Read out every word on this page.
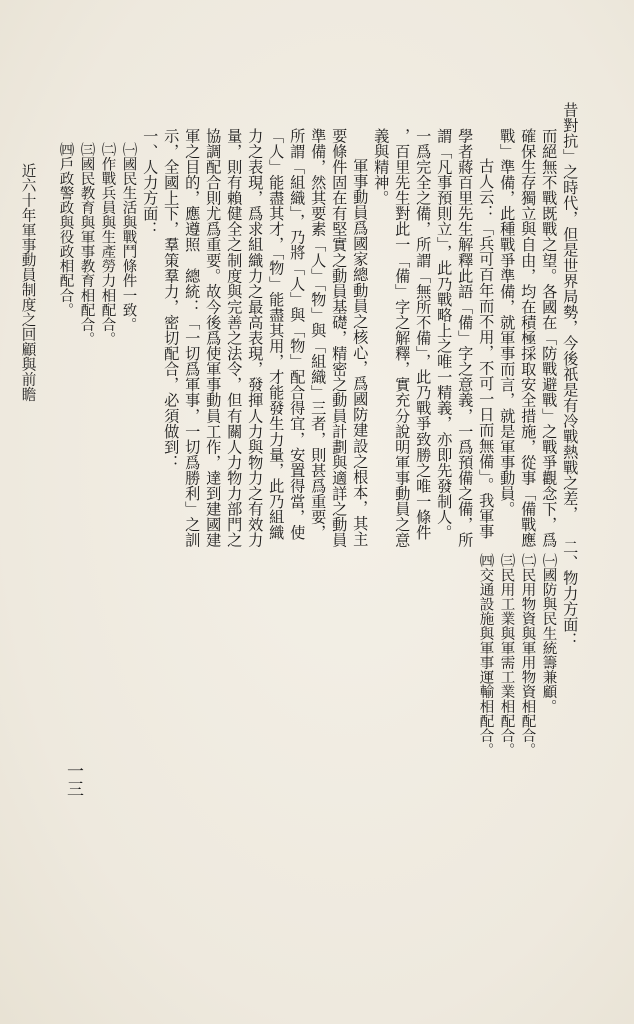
昔對抗」之時代，但是世界局勢，今後祇是有冷戰熱戰之差，
而絕無不戰既戰之望。各國在「防戰避戰」之戰爭觀念下，爲
確保生存獨立與自由，均在積極採取安全措施，從事「備戰應
戰」準備，此種戰爭準備，就軍事而言，就是軍事動員。
古人云：「兵可百年而不用，不可一日而無備」。我軍事
學者蔣百里先生解釋此語「備」字之意義，一爲預備之備，所
謂「凡事預則立」，此乃戰略上之唯一精義，亦即先發制人。
一爲完全之備，所謂「無所不備」，此乃戰爭致勝之唯一條件
，百里先生對此一「備」字之解釋，實充分說明軍事動員之意
義與精神。
軍事動員爲國家總動員之核心，爲國防建設之根本，其主
要條件固在有堅實之動員基礎，精密之動員計劃與適詳之動員
準備，然其要素「人」「物」與「組織」三者，則甚爲重要，
所謂「組織」，乃將「人」與「物」配合得宜，安置得當，使
「人」能盡其才，「物」能盡其用，才能發生力量，此乃組織
力之表現，爲求組織力之最高表現，發揮人力與物力之有效力
量，則有賴健全之制度與完善之法令，但有關人力物力部門之
協調配合則尤爲重要。故今後爲使軍事動員工作，達到建國建
軍之目的，應遵照　總統：「一切爲軍事，一切爲勝利」之訓
示，全國上下，羣策羣力，密切配合，必須做到：
一、人力方面：
㈠國民生活與戰鬥條件一致。
㈡作戰兵員與生產勞力相配合。
㈢國民教育與軍事教育相配合。
㈣戶政警政與役政相配合。
近六十年軍事動員制度之回顧與前瞻
二、物力方面：
㈠國防與民生統籌兼顧。
㈡民用物資與軍用物資相配合。
㈢民用工業與軍需工業相配合。
㈣交通設施與軍事運輸相配合。
一三
